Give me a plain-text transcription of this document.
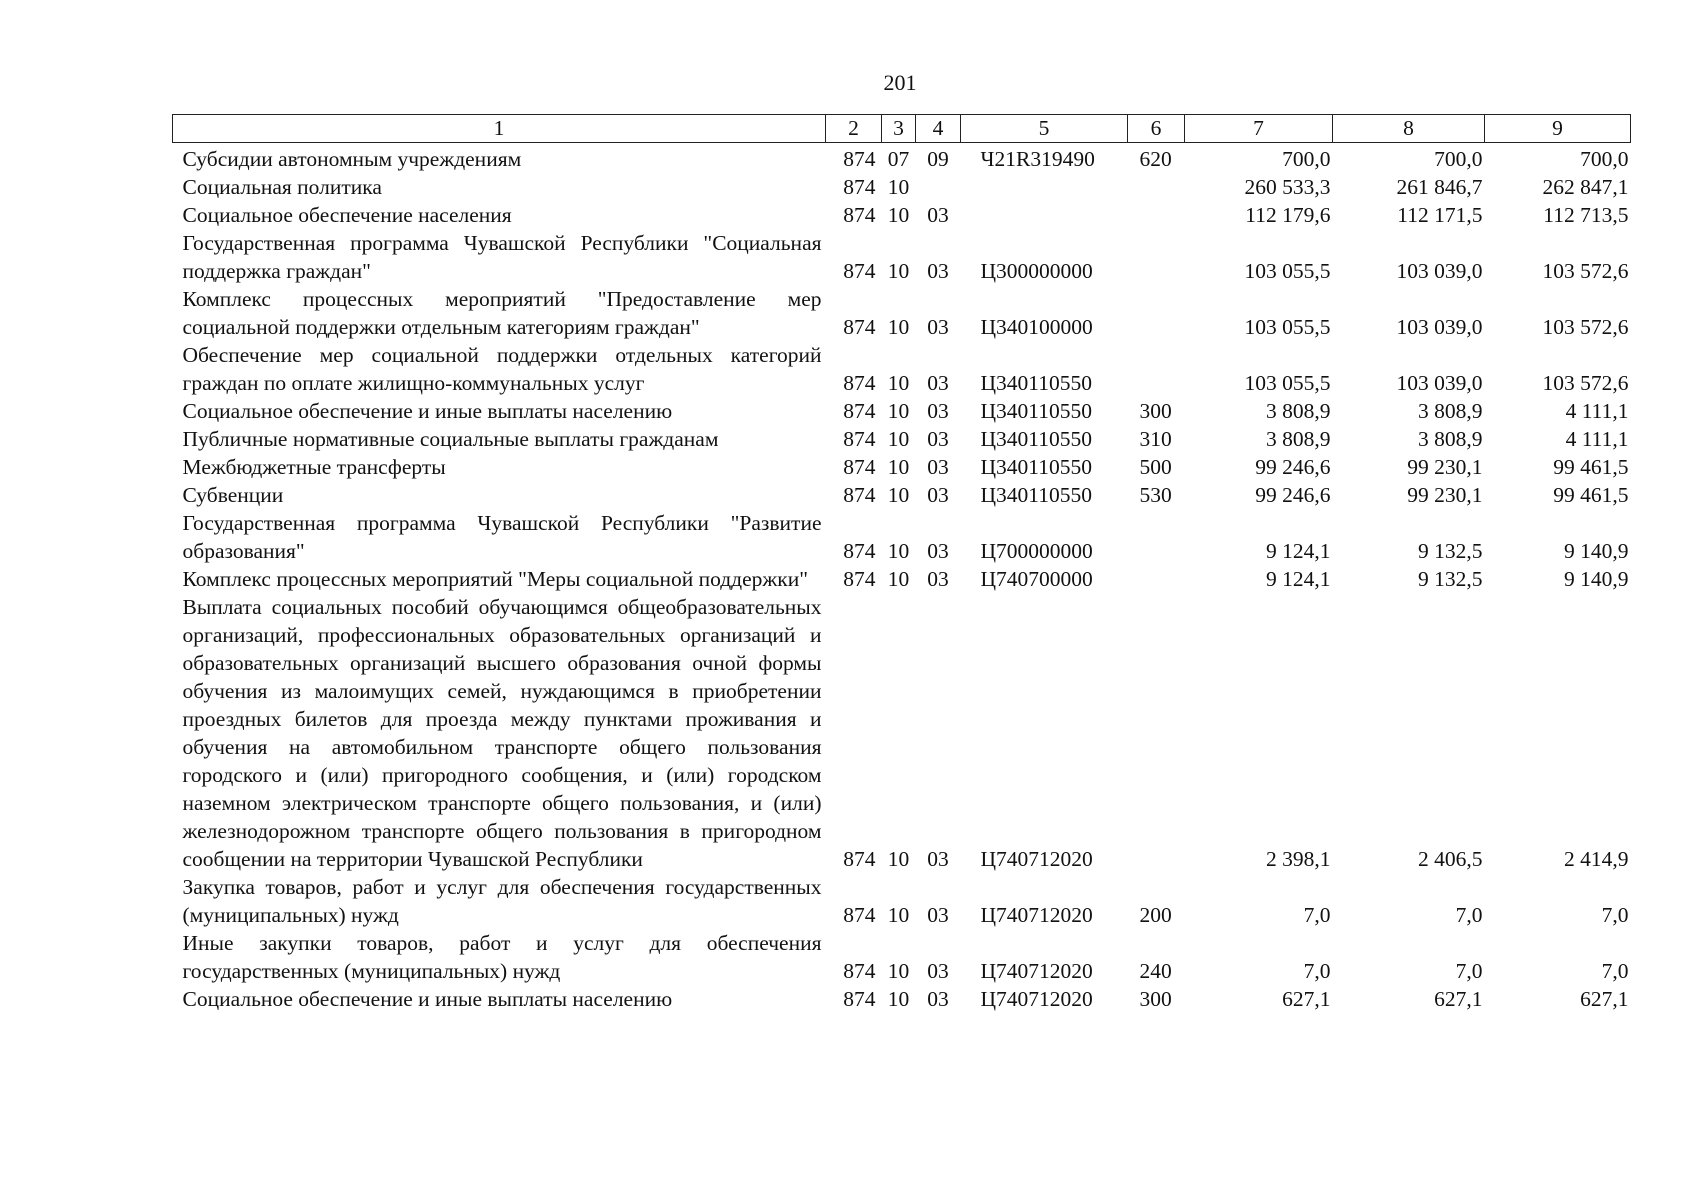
201
1	2	3	4	5	6	7	8	9
Субсидии автономным учреждениям	874	07	09	Ч21R319490	620	700,0	700,0	700,0
Социальная политика	874	10				260 533,3	261 846,7	262 847,1
Социальное обеспечение населения	874	10	03			112 179,6	112 171,5	112 713,5
Государственная программа Чувашской Республики "Социальная поддержка граждан"	874	10	03	Ц300000000		103 055,5	103 039,0	103 572,6
Комплекс процессных мероприятий "Предоставление мер социальной поддержки отдельным категориям граждан"	874	10	03	Ц340100000		103 055,5	103 039,0	103 572,6
Обеспечение мер социальной поддержки отдельных категорий граждан по оплате жилищно-коммунальных услуг	874	10	03	Ц340110550		103 055,5	103 039,0	103 572,6
Социальное обеспечение и иные выплаты населению	874	10	03	Ц340110550	300	3 808,9	3 808,9	4 111,1
Публичные нормативные социальные выплаты гражданам	874	10	03	Ц340110550	310	3 808,9	3 808,9	4 111,1
Межбюджетные трансферты	874	10	03	Ц340110550	500	99 246,6	99 230,1	99 461,5
Субвенции	874	10	03	Ц340110550	530	99 246,6	99 230,1	99 461,5
Государственная программа Чувашской Республики "Развитие образования"	874	10	03	Ц700000000		9 124,1	9 132,5	9 140,9
Комплекс процессных мероприятий "Меры социальной поддержки"	874	10	03	Ц740700000		9 124,1	9 132,5	9 140,9
Выплата социальных пособий обучающимся общеобразовательных организаций, профессиональных образовательных организаций и образовательных организаций высшего образования очной формы обучения из малоимущих семей, нуждающимся в приобретении проездных билетов для проезда между пунктами проживания и обучения на автомобильном транспорте общего пользования городского и (или) пригородного сообщения, и (или) городском наземном электрическом транспорте общего пользования, и (или) железнодорожном транспорте общего пользования в пригородном сообщении на территории Чувашской Республики	874	10	03	Ц740712020		2 398,1	2 406,5	2 414,9
Закупка товаров, работ и услуг для обеспечения государственных (муниципальных) нужд	874	10	03	Ц740712020	200	7,0	7,0	7,0
Иные закупки товаров, работ и услуг для обеспечения государственных (муниципальных) нужд	874	10	03	Ц740712020	240	7,0	7,0	7,0
Социальное обеспечение и иные выплаты населению	874	10	03	Ц740712020	300	627,1	627,1	627,1
